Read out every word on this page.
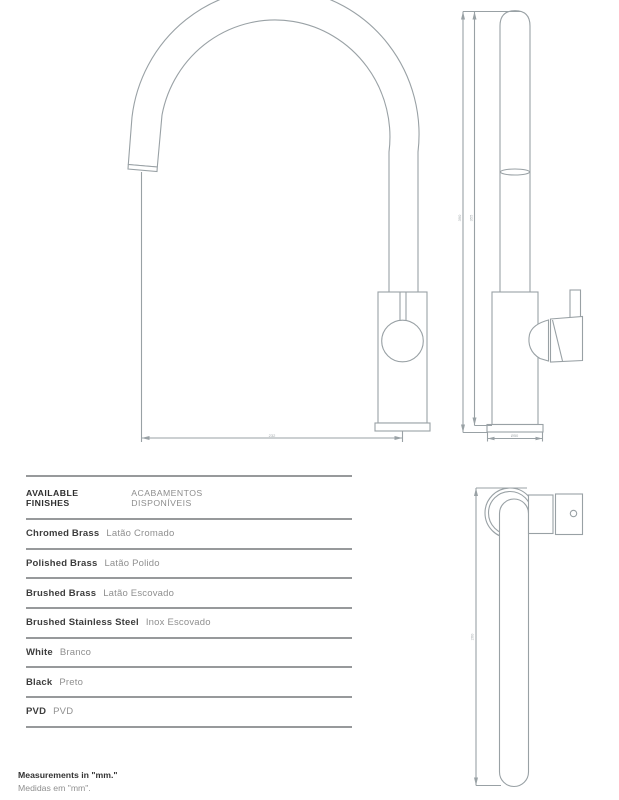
232
390 355
Ø50
260
AVAILABLE FINISHES
ACABAMENTOS DISPONÍVEIS
Chromed Brass Latão Cromado
Polished Brass Latão Polido
Brushed Brass Latão Escovado
Brushed Stainless Steel Inox Escovado
White Branco
Black Preto
PVD PVD
Measurements in "mm."
Medidas em "mm".
